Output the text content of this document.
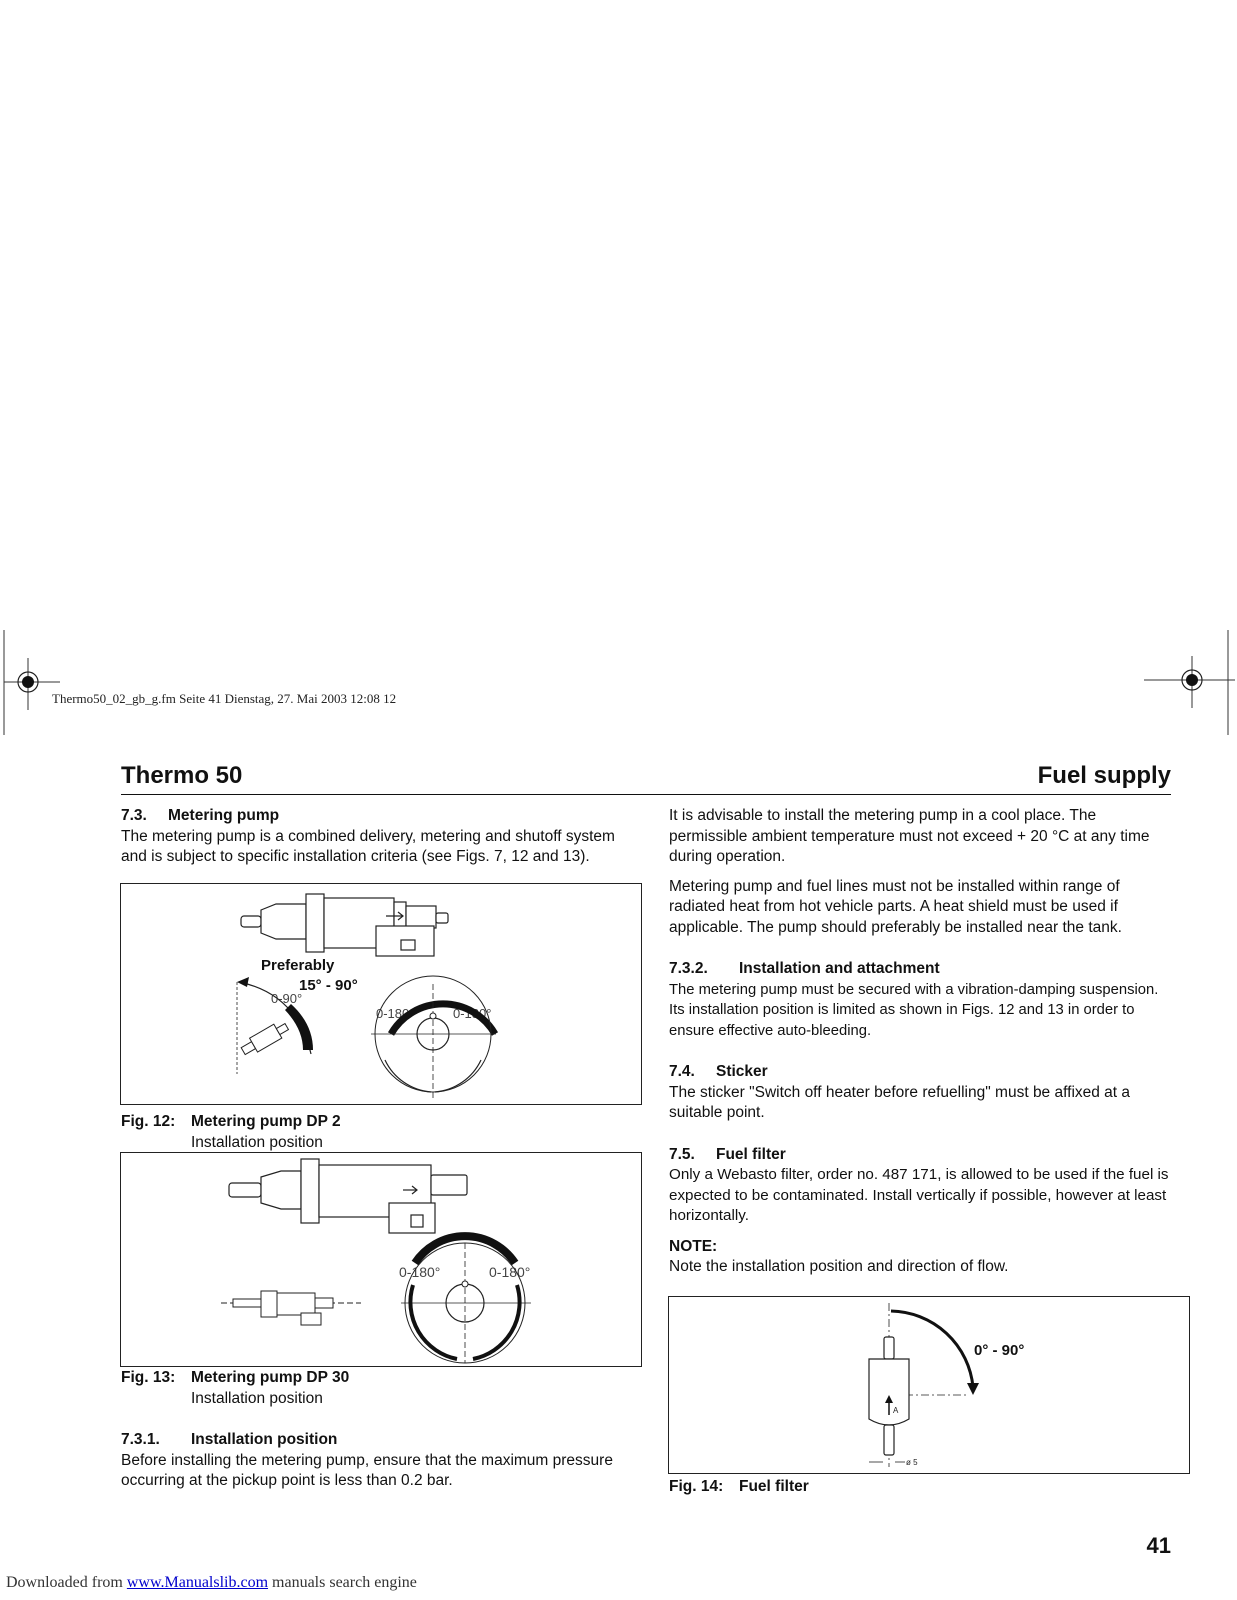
Thermo50_02_gb_g.fm Seite 41 Dienstag, 27. Mai 2003 12:08 12
Thermo 50	Fuel supply
7.3. Metering pump

The metering pump is a combined delivery, metering and shutoff system and is subject to specific installation criteria (see Figs. 7, 12 and 13).

Preferably
15° - 90°
0-90°
0-180°	0-180°
Fig. 12: Metering pump DP 2
Installation position
0-180°	0-180°
Fig. 13: Metering pump DP 30
Installation position
7.3.1. Installation position

Before installing the metering pump, ensure that the maximum pressure occurring at the pickup point is less than 0.2 bar.

It is advisable to install the metering pump in a cool place. The permissible ambient temperature must not exceed + 20 °C at any time during operation.

Metering pump and fuel lines must not be installed within range of radiated heat from hot vehicle parts. A heat shield must be used if applicable. The pump should preferably be installed near the tank.

7.3.2. Installation and attachment

The metering pump must be secured with a vibration-damping suspension. Its installation position is limited as shown in Figs. 12 and 13 in order to ensure effective auto-bleeding.

7.4. Sticker

The sticker "Switch off heater before refuelling" must be affixed at a suitable point.

7.5. Fuel filter

Only a Webasto filter, order no. 487 171, is allowed to be used if the fuel is expected to be contaminated. Install vertically if possible, however at least horizontally.

NOTE:

Note the installation position and direction of flow.

0° - 90°
A
ø 5
Fig. 14: Fuel filter
41
Downloaded from www.Manualslib.com manuals search engine
